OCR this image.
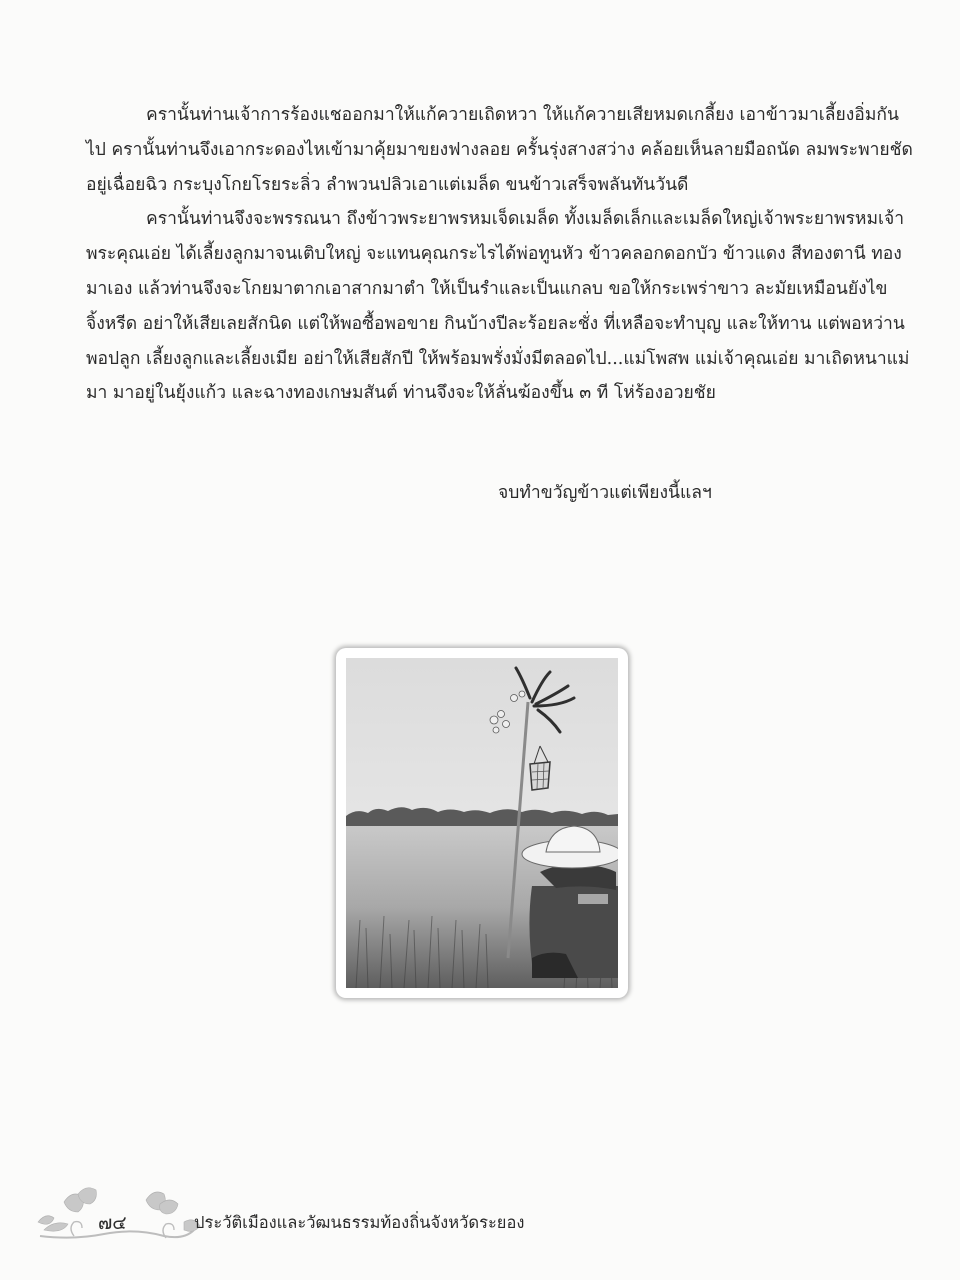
ครานั้นท่านเจ้าการร้องแชออกมาให้แก้ควายเถิดหวา ให้แก้ควายเสียหมดเกลี้ยง เอาข้าวมาเลี้ยงอิ่มกันไป ครานั้นท่านจึงเอากระดองไหเข้ามาคุ้ยมาขยงฟางลอย ครั้นรุ่งสางสว่าง คล้อยเห็นลายมือถนัด ลมพระพายชัดอยู่เฉื่อยฉิว กระบุงโกยโรยระลิ่ว ลำพวนปลิวเอาแต่เมล็ด ขนข้าวเสร็จพลันทันวันดี

ครานั้นท่านจึงจะพรรณนา ถึงข้าวพระยาพรหมเจ็ดเมล็ด ทั้งเมล็ดเล็กและเมล็ดใหญ่เจ้าพระยาพรหมเจ้าพระคุณเอ่ย ได้เลี้ยงลูกมาจนเติบใหญ่ จะแทนคุณกระไรได้พ่อทูนหัว ข้าวคลอกดอกบัว ข้าวแดง สีทองตานี ทองมาเอง แล้วท่านจึงจะโกยมาตากเอาสากมาตำ ให้เป็นรำและเป็นแกลบ ขอให้กระเพร่าขาว ละมัยเหมือนยังไขจิ้งหรีด อย่าให้เสียเลยสักนิด แต่ให้พอซื้อพอขาย กินบ้างปีละร้อยละชั่ง ที่เหลือจะทำบุญ และให้ทาน แต่พอหว่านพอปลูก เลี้ยงลูกและเลี้ยงเมีย อย่าให้เสียสักปี ให้พร้อมพรั่งมั่งมีตลอดไป...แม่โพสพ แม่เจ้าคุณเอ่ย มาเถิดหนาแม่มา มาอยู่ในยุ้งแก้ว และฉางทองเกษมสันต์ ท่านจึงจะให้ลั่นฆ้องขึ้น ๓ ที โห่ร้องอวยชัย

จบทำขวัญข้าวแต่เพียงนี้แลฯ
๗๔	ประวัติเมืองและวัฒนธรรมท้องถิ่นจังหวัดระยอง
